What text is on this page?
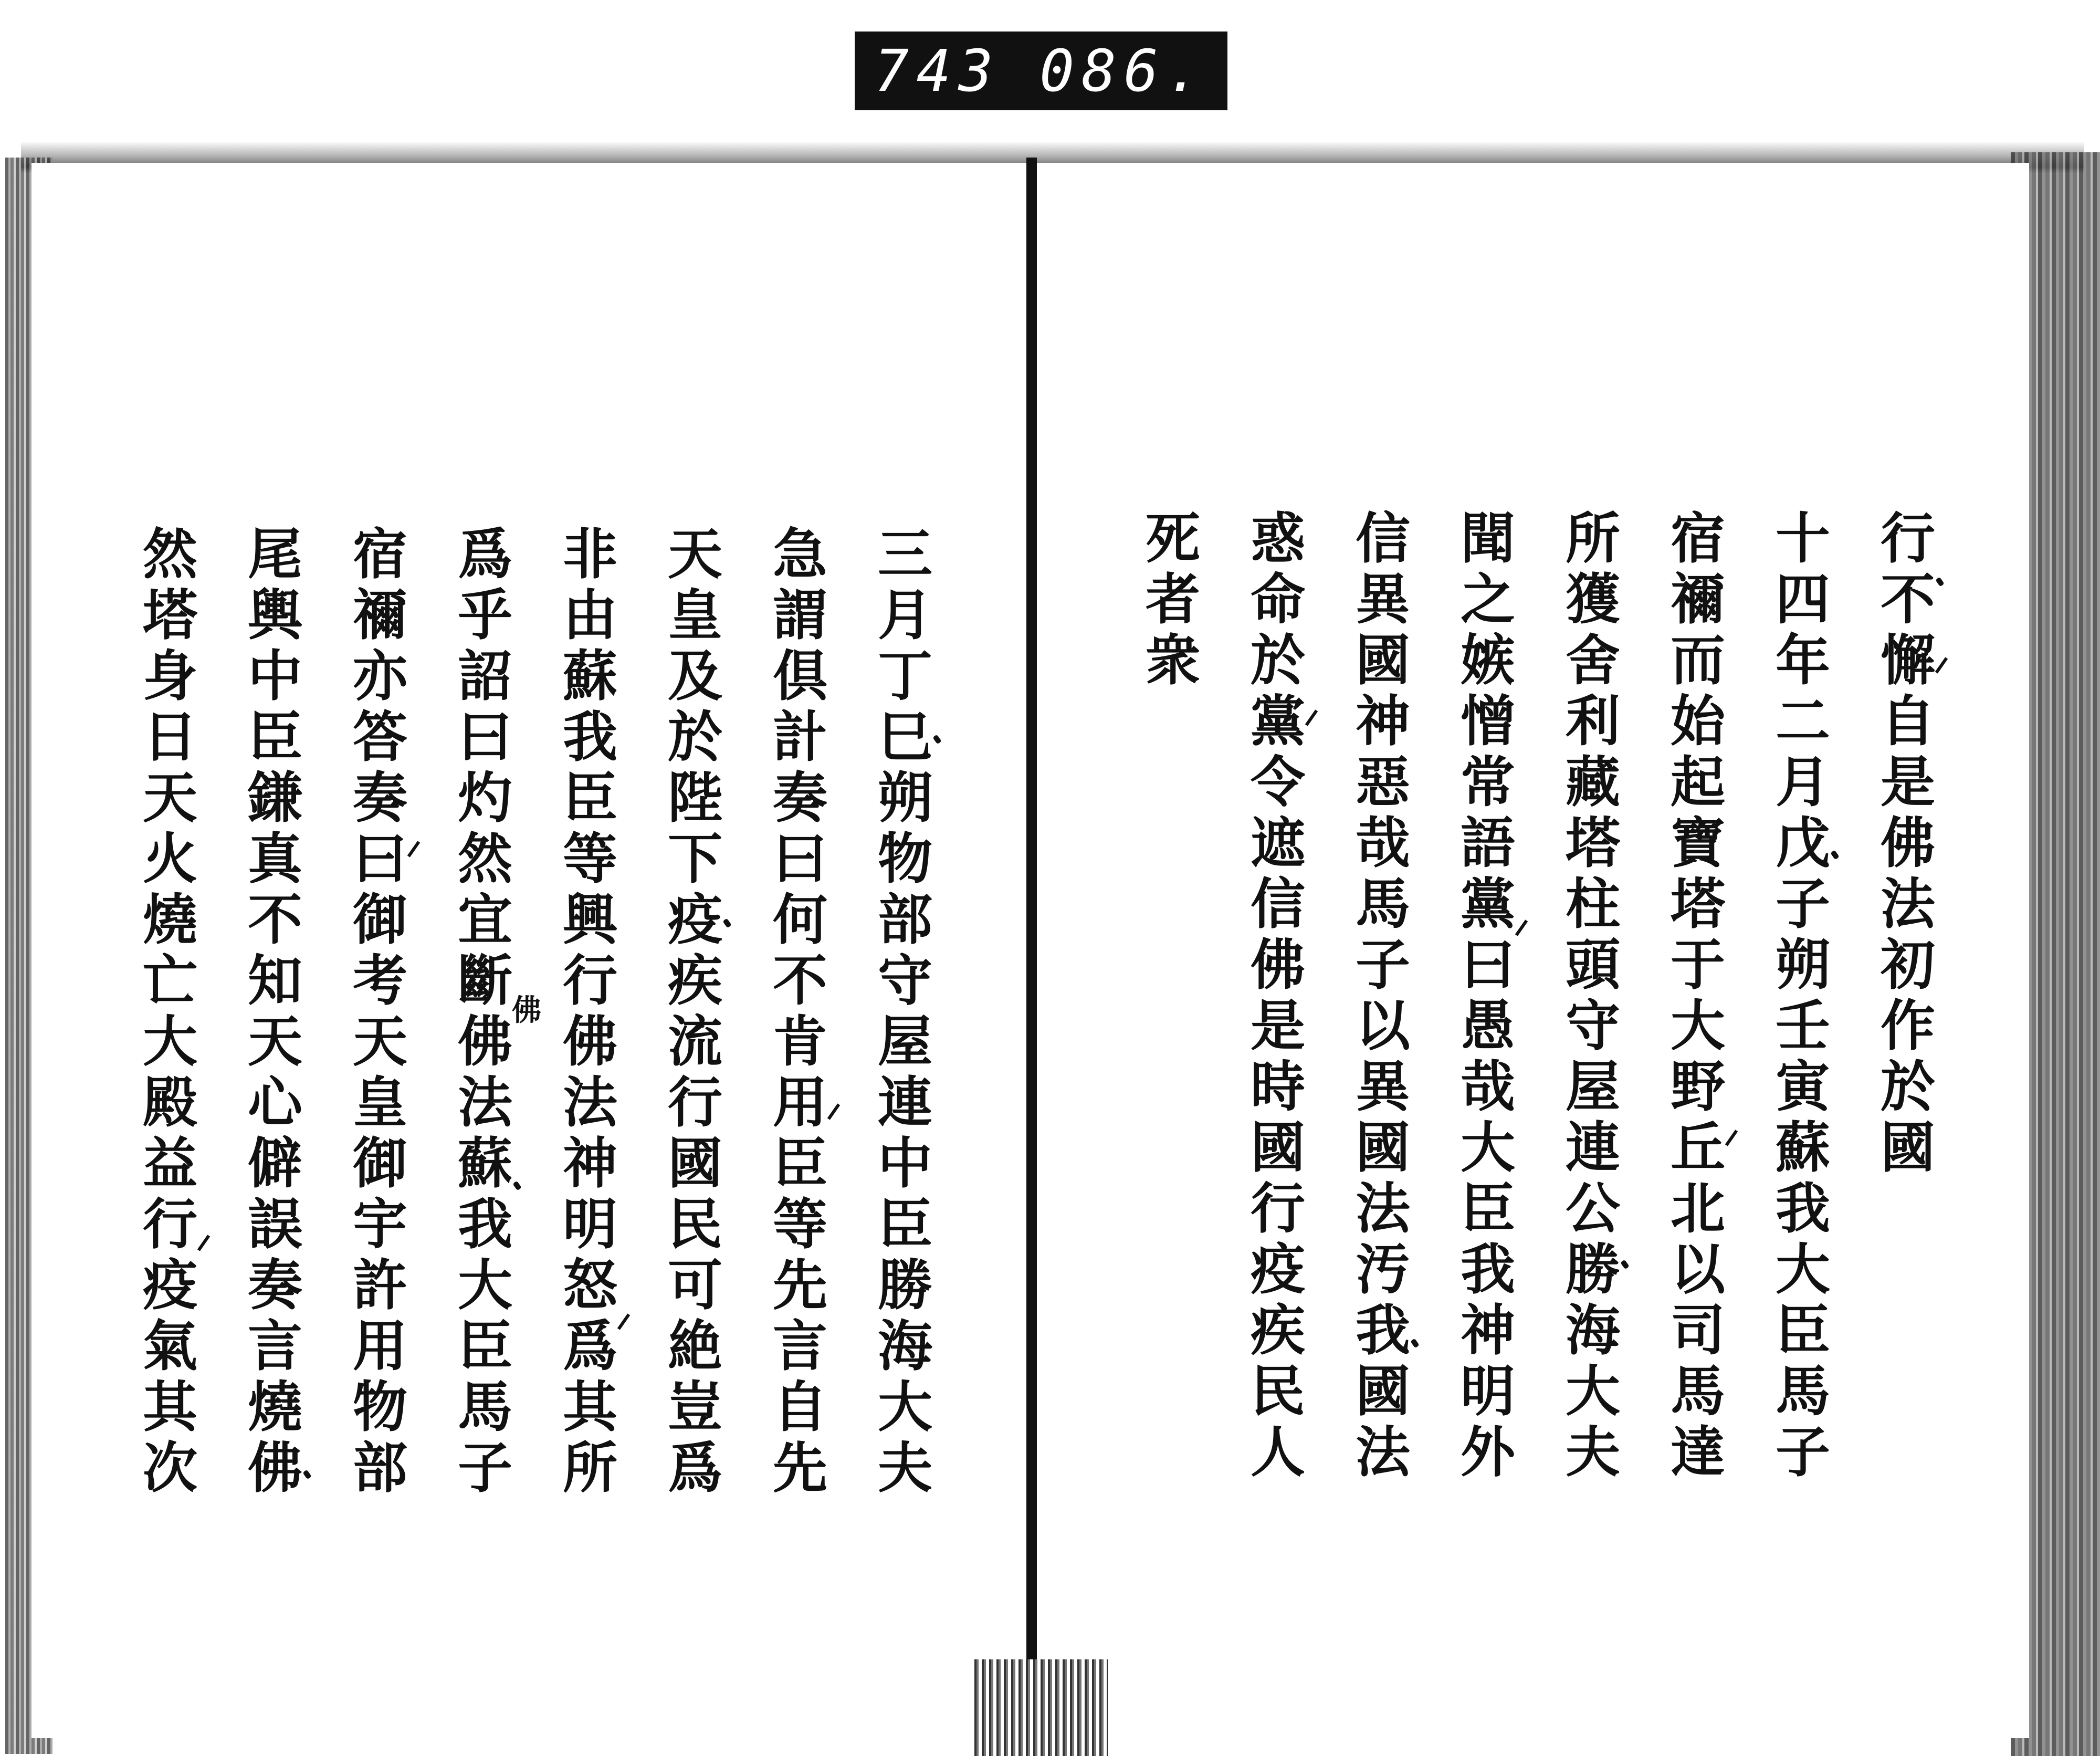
743 086.
行不懈自是佛法初作於國
十四年二月戊子朔壬寅蘇我大臣馬子
宿禰而始起寶塔于大野丘北以司馬達
所獲舍利藏塔柱頭守屋連公勝海大夫
聞之嫉憎常語黨曰愚哉大臣我神明外
信異國神惡哉馬子以異國法汚我國法
惑命於黨令遮信佛是時國行疫疾民人
死者衆
三月丁巳朔物部守屋連中臣勝海大夫
急謂倶計奏曰何不肯用臣等先言自先
天皇及於陛下疫疾流行國民可絶豈爲
非由蘇我臣等興行佛法神明怒爲其所
爲乎詔曰灼然宜斷佛法蘇我大臣馬子
宿禰亦答奏曰御考天皇御宇許用物部
尾輿中臣鎌真不知天心僻誤奏言燒佛
然塔身日天火燒亡大殿益行疫氣其次	佛
